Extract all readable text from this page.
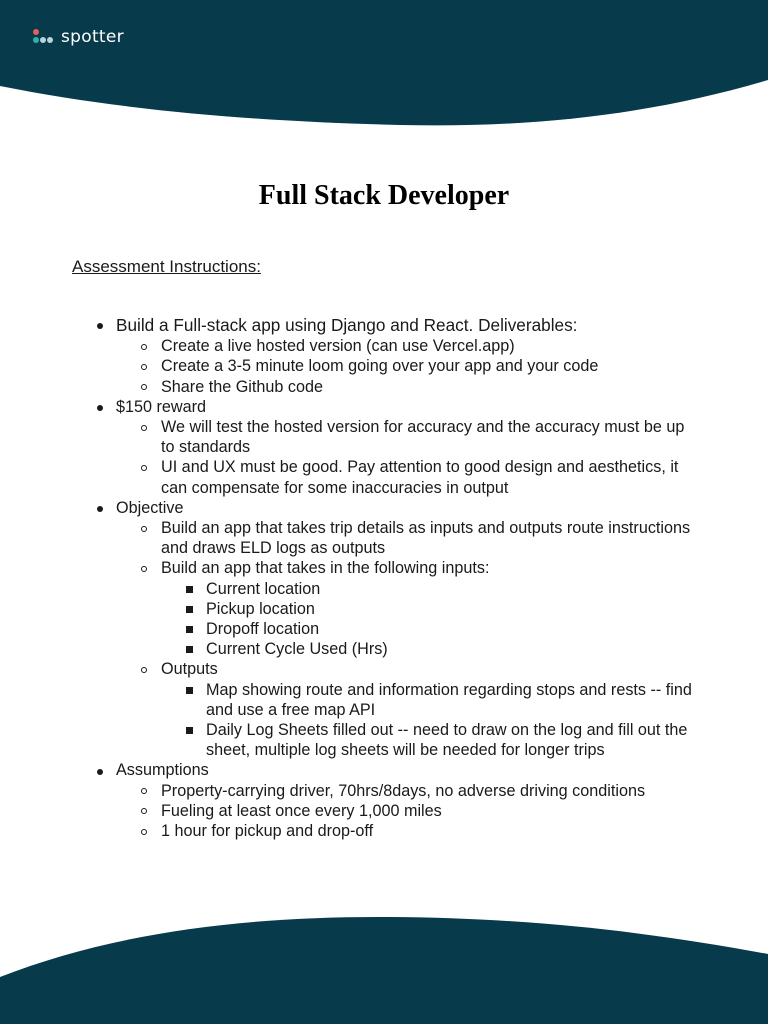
spotter
Full Stack Developer

Assessment Instructions:

Build a Full-stack app using Django and React. Deliverables:
Create a live hosted version (can use Vercel.app)
Create a 3-5 minute loom going over your app and your code
Share the Github code
$150 reward
We will test the hosted version for accuracy and the accuracy must be up to standards
UI and UX must be good. Pay attention to good design and aesthetics, it can compensate for some inaccuracies in output
Objective
Build an app that takes trip details as inputs and outputs route instructions and draws ELD logs as outputs
Build an app that takes in the following inputs:
Current location
Pickup location
Dropoff location
Current Cycle Used (Hrs)
Outputs
Map showing route and information regarding stops and rests -- find and use a free map API
Daily Log Sheets filled out -- need to draw on the log and fill out the sheet, multiple log sheets will be needed for longer trips
Assumptions
Property-carrying driver, 70hrs/8days, no adverse driving conditions
Fueling at least once every 1,000 miles
1 hour for pickup and drop-off
